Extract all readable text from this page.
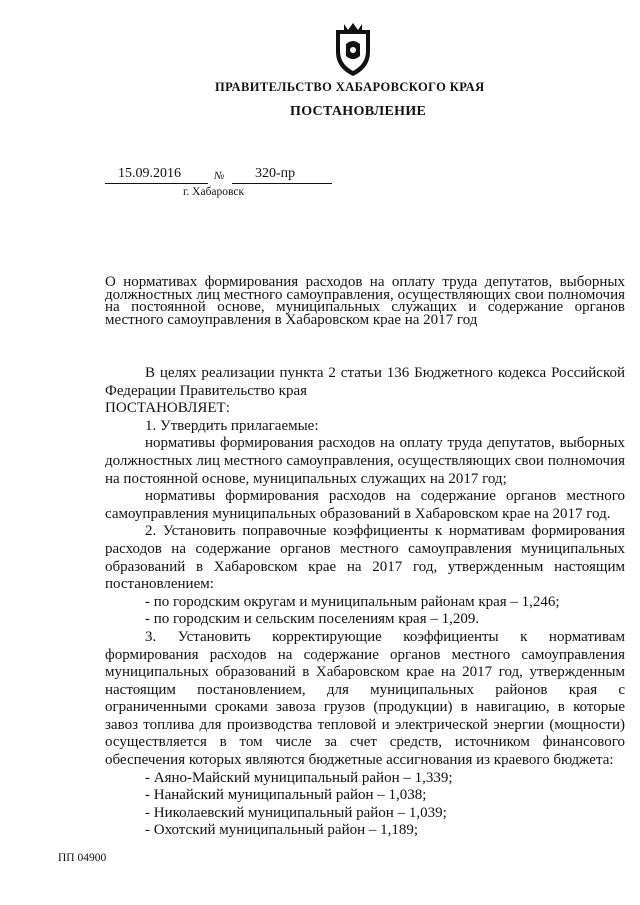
ПРАВИТЕЛЬСТВО ХАБАРОВСКОГО КРАЯ
ПОСТАНОВЛЕНИЕ
15.09.2016	№ 320-пр
г. Хабаровск

О нормативах формирования расходов на оплату труда депутатов, выборных должностных лиц местного самоуправления, осуществляющих свои полномочия на постоянной основе, муниципальных служащих и содержание органов местного самоуправления в Хабаровском крае на 2017 год

В целях реализации пункта 2 статьи 136 Бюджетного кодекса Российской Федерации Правительство края

ПОСТАНОВЛЯЕТ:

1. Утвердить прилагаемые:

нормативы формирования расходов на оплату труда депутатов, выборных должностных лиц местного самоуправления, осуществляющих свои полномочия на постоянной основе, муниципальных служащих на 2017 год;

нормативы формирования расходов на содержание органов местного самоуправления муниципальных образований в Хабаровском крае на 2017 год.

2. Установить поправочные коэффициенты к нормативам формирования расходов на содержание органов местного самоуправления муниципальных образований в Хабаровском крае на 2017 год, утвержденным настоящим постановлением:

- по городским округам и муниципальным районам края – 1,246;

- по городским и сельским поселениям края – 1,209.

3. Установить корректирующие коэффициенты к нормативам формирования расходов на содержание органов местного самоуправления муниципальных образований в Хабаровском крае на 2017 год, утвержденным настоящим постановлением, для муниципальных районов края с ограниченными сроками завоза грузов (продукции) в навигацию, в которые завоз топлива для производства тепловой и электрической энергии (мощности) осуществляется в том числе за счет средств, источником финансового обеспечения которых являются бюджетные ассигнования из краевого бюджета:

- Аяно-Майский муниципальный район – 1,339;

- Нанайский муниципальный район – 1,038;

- Николаевский муниципальный район – 1,039;

- Охотский муниципальный район – 1,189;

ПП 04900
